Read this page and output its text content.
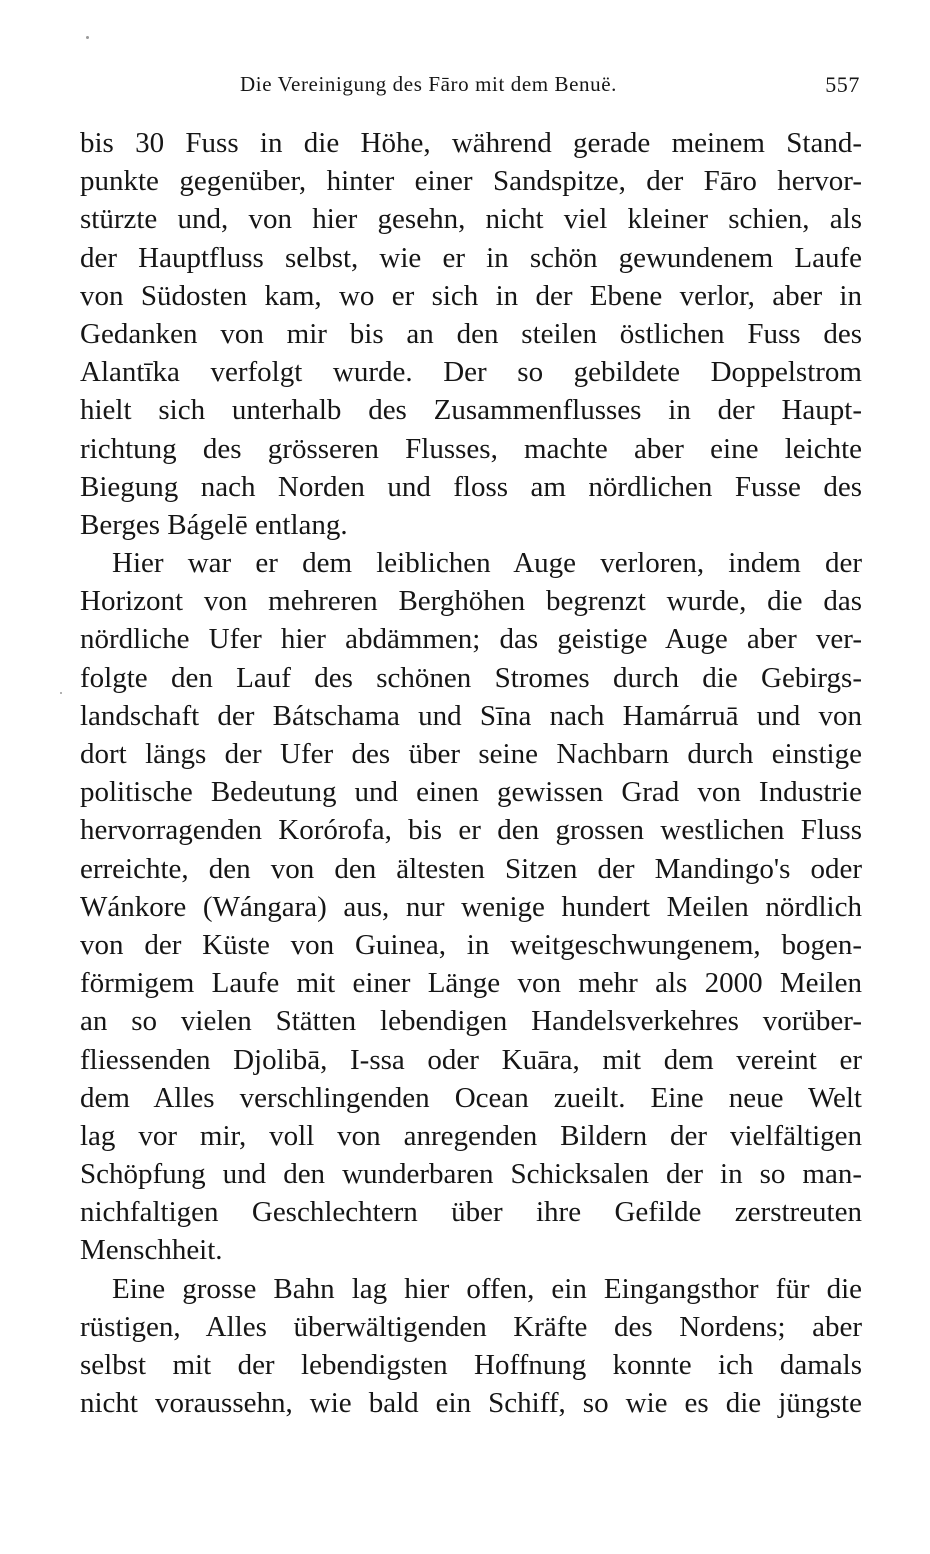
Die Vereinigung des Fāro mit dem Benuë.	557
bis 30 Fuss in die Höhe, während gerade meinem Stand-
punkte gegenüber, hinter einer Sandspitze, der Fāro hervor-
stürzte und, von hier gesehn, nicht viel kleiner schien, als
der Hauptfluss selbst, wie er in schön gewundenem Laufe
von Südosten kam, wo er sich in der Ebene verlor, aber in
Gedanken von mir bis an den steilen östlichen Fuss des
Alantīka verfolgt wurde. Der so gebildete Doppelstrom
hielt sich unterhalb des Zusammenflusses in der Haupt-
richtung des grösseren Flusses, machte aber eine leichte
Biegung nach Norden und floss am nördlichen Fusse des
Berges Bágelē entlang.
Hier war er dem leiblichen Auge verloren, indem der
Horizont von mehreren Berghöhen begrenzt wurde, die das
nördliche Ufer hier abdämmen; das geistige Auge aber ver-
folgte den Lauf des schönen Stromes durch die Gebirgs-
landschaft der Bátschama und Sīna nach Hamárruā und von
dort längs der Ufer des über seine Nachbarn durch einstige
politische Bedeutung und einen gewissen Grad von Industrie
hervorragenden Korórofa, bis er den grossen westlichen Fluss
erreichte, den von den ältesten Sitzen der Mandingo's oder
Wánkore (Wángara) aus, nur wenige hundert Meilen nördlich
von der Küste von Guinea, in weitgeschwungenem, bogen-
förmigem Laufe mit einer Länge von mehr als 2000 Meilen
an so vielen Stätten lebendigen Handelsverkehres vorüber-
fliessenden Djolibā, I-ssa oder Kuāra, mit dem vereint er
dem Alles verschlingenden Ocean zueilt. Eine neue Welt
lag vor mir, voll von anregenden Bildern der vielfältigen
Schöpfung und den wunderbaren Schicksalen der in so man-
nichfaltigen Geschlechtern über ihre Gefilde zerstreuten
Menschheit.
Eine grosse Bahn lag hier offen, ein Eingangsthor für die
rüstigen, Alles überwältigenden Kräfte des Nordens; aber
selbst mit der lebendigsten Hoffnung konnte ich damals
nicht voraussehn, wie bald ein Schiff, so wie es die jüngste
